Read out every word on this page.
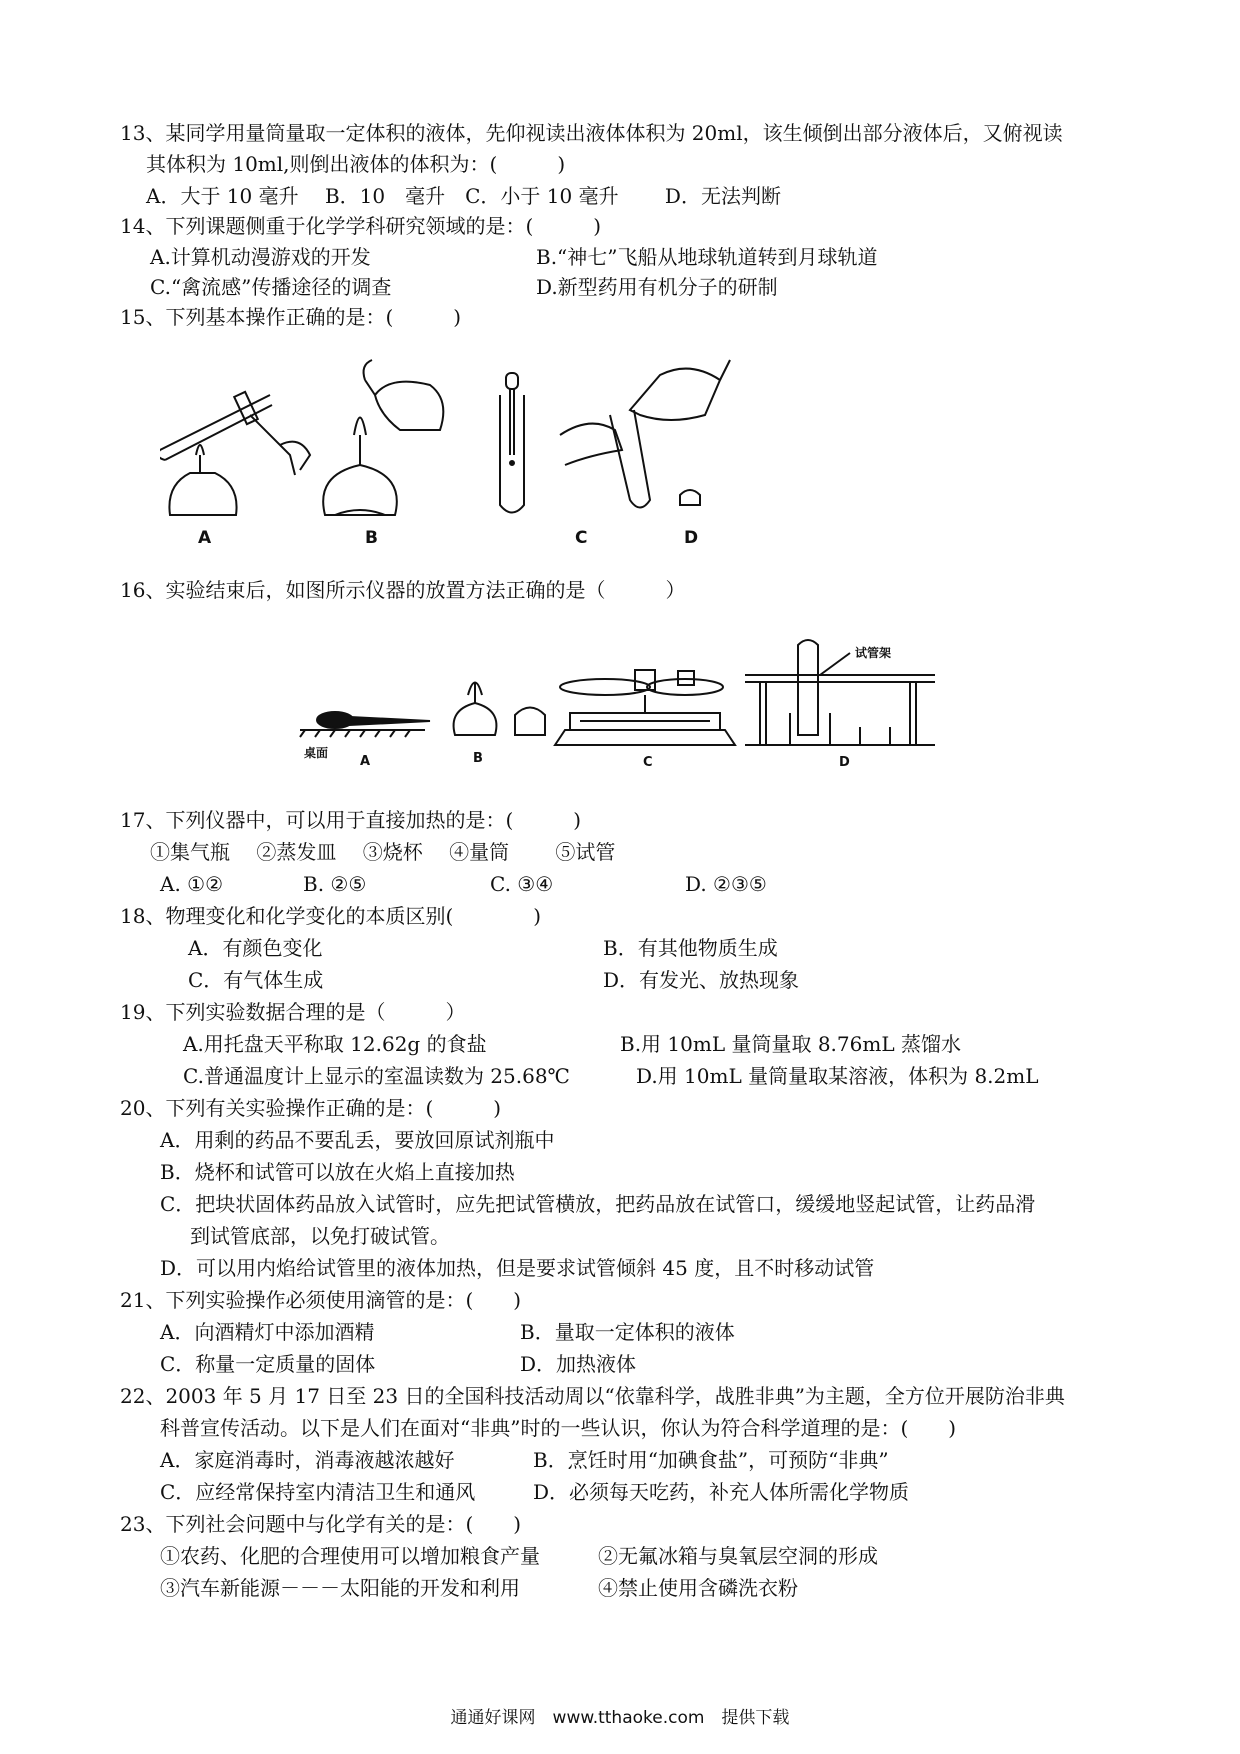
13、某同学用量筒量取一定体积的液体，先仰视读出液体体积为 20ml，该生倾倒出部分液体后，又俯视读
其体积为 10ml,则倒出液体的体积为：(　　　)
A．大于 10 毫升　 B．10　毫升　C．小于 10 毫升　　 D．无法判断
14、下列课题侧重于化学学科研究领域的是：(　　　)
A.计算机动漫游戏的开发	B.“神七”飞船从地球轨道转到月球轨道
C.“禽流感”传播途径的调查	D.新型药用有机分子的研制
15、下列基本操作正确的是：(　　　)
A	B	C	D
16、实验结束后，如图所示仪器的放置方法正确的是（　　　）
桌面
试管架
A	B	C	D
17、下列仪器中，可以用于直接加热的是：(　　　)
①集气瓶　 ②蒸发皿　 ③烧杯　 ④量筒　　 ⑤试管
A. ①②	B. ②⑤	C. ③④	D. ②③⑤
18、物理变化和化学变化的本质区别(　　　　)
A．有颜色变化	B．有其他物质生成
C．有气体生成	D．有发光、放热现象
19、下列实验数据合理的是（　　　）
A.用托盘天平称取 12.62g 的食盐	B.用 10mL 量筒量取 8.76mL 蒸馏水
C.普通温度计上显示的室温读数为 25.68℃	D.用 10mL 量筒量取某溶液，体积为 8.2mL
20、下列有关实验操作正确的是：(　　　)
A．用剩的药品不要乱丢，要放回原试剂瓶中
B．烧杯和试管可以放在火焰上直接加热
C．把块状固体药品放入试管时，应先把试管横放，把药品放在试管口，缓缓地竖起试管，让药品滑
到试管底部，以免打破试管。
D．可以用内焰给试管里的液体加热，但是要求试管倾斜 45 度，且不时移动试管
21、下列实验操作必须使用滴管的是：(　　)
A．向酒精灯中添加酒精	B．量取一定体积的液体
C．称量一定质量的固体	D．加热液体
22、2003 年 5 月 17 日至 23 日的全国科技活动周以“依靠科学，战胜非典”为主题，全方位开展防治非典
科普宣传活动。以下是人们在面对“非典”时的一些认识，你认为符合科学道理的是：(　　)
A．家庭消毒时，消毒液越浓越好	B．烹饪时用“加碘食盐”，可预防“非典”
C．应经常保持室内清洁卫生和通风	D．必须每天吃药，补充人体所需化学物质
23、下列社会问题中与化学有关的是：(　　)
①农药、化肥的合理使用可以增加粮食产量	②无氟冰箱与臭氧层空洞的形成
③汽车新能源－－－太阳能的开发和利用	④禁止使用含磷洗衣粉
通通好课网　www.tthaoke.com　提供下载
